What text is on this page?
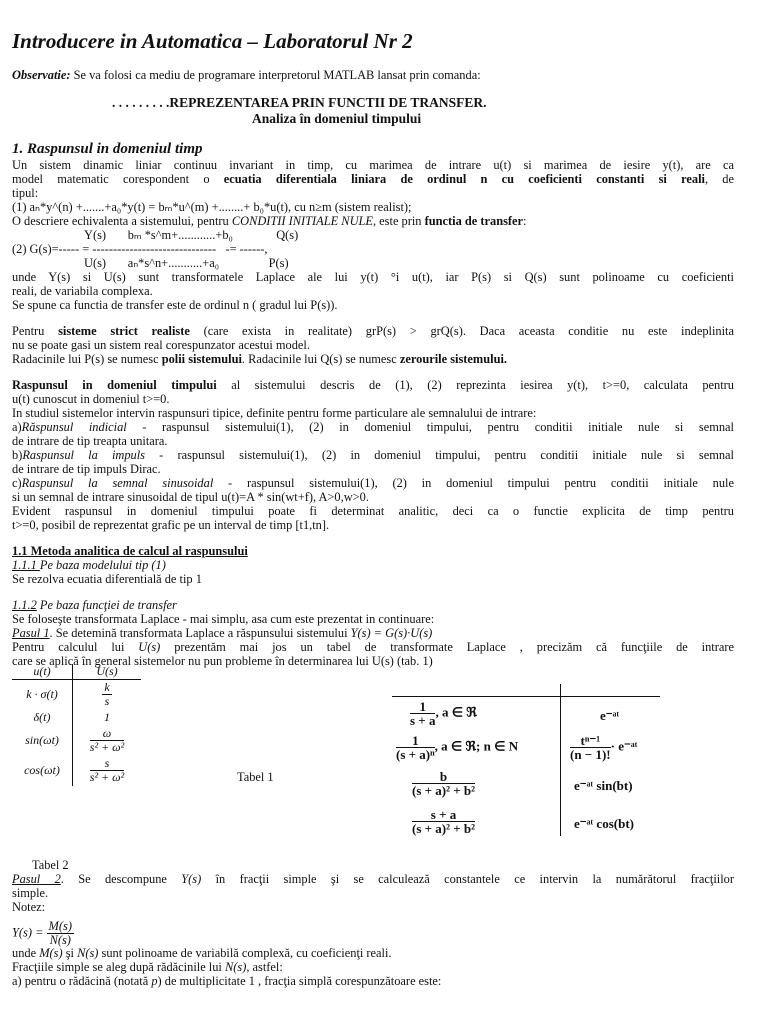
Introducere in Automatica – Laboratorul Nr 2
Observatie: Se va folosi ca mediu de programare interpretorul MATLAB lansat prin comanda:
. . . . . . . . .REPREZENTAREA PRIN FUNCTII DE TRANSFER.
Analiza în domeniul timpului
1. Raspunsul in domeniul timp
Un sistem dinamic liniar continuu invariant in timp, cu marimea de intrare u(t) si marimea de iesire y(t), are ca
model matematic corespondent o ecuatia diferentiala liniara de ordinul n cu coeficienti constanti si reali, de
tipul:
(1) aₙ*y^(n) +.......+a₀*y(t) = bₘ*u^(m) +........+ b₀*u(t), cu n≥m (sistem realist);
O descriere echivalenta a sistemului, pentru CONDITII INITIALE NULE, este prin functia de transfer:
Y(s)       bₘ *s^m+............+b₀              Q(s)
(2) G(s)=----- = ------------------------------   -= ------,
U(s)       aₙ*s^n+...........+a₀                P(s)
unde Y(s) si U(s) sunt transformatele Laplace ale lui y(t) °i u(t), iar P(s) si Q(s) sunt polinoame cu coeficienti
reali, de variabila complexa.
Se spune ca functia de transfer este de ordinul n ( gradul lui P(s)).
Pentru sisteme strict realiste (care exista in realitate) grP(s) > grQ(s). Daca aceasta conditie nu este indeplinita
nu se poate gasi un sistem real corespunzator acestui model.
Radacinile lui P(s) se numesc polii sistemului. Radacinile lui Q(s) se numesc zerourile sistemului.
Raspunsul in domeniul timpului al sistemului descris de (1), (2) reprezinta iesirea y(t), t>=0, calculata pentru
u(t) cunoscut in domeniul t>=0.
In studiul sistemelor intervin raspunsuri tipice, definite pentru forme particulare ale semnalului de intrare:
a)Răspunsul indicial - raspunsul sistemului(1), (2) in domeniul timpului, pentru conditii initiale nule si semnal
de intrare de tip treapta unitara.
b)Raspunsul la impuls - raspunsul sistemului(1), (2) in domeniul timpului, pentru conditii initiale nule si semnal
de intrare de tip impuls Dirac.
c)Raspunsul la semnal sinusoidal - raspunsul sistemului(1), (2) in domeniul timpului pentru conditii initiale nule
si un semnal de intrare sinusoidal de tipul u(t)=A * sin(wt+f), A>0,w>0.
Evident raspunsul in domeniul timpului poate fi determinat analitic, deci ca o functie explicita de timp pentru
t>=0, posibil de reprezentat grafic pe un interval de timp [t1,tn].
1.1 Metoda analitica de calcul al raspunsului
1.1.1 Pe baza modelului tip (1)
Se rezolva ecuatia diferentială de tip 1
1.1.2 Pe baza funcţiei de transfer
Se foloseşte transformata Laplace - mai simplu, asa cum este prezentat in continuare:
Pasul 1. Se detemină transformata Laplace a răspunsului sistemului Y(s) = G(s)·U(s)
Pentru calculul lui U(s) prezentăm mai jos un tabel de transformate Laplace , precizăm că funcţiile de intrare
care se aplică în general sistemelor nu pun probleme în determinarea lui U(s) (tab. 1)
u(t)	U(s)
k · σ(t)	$\frac{k}{s}$

δ(t)	1
sin(ωt)	$\frac{\omega}{\text{s² + ω²}}$

cos(ωt)	$\frac{s}{\text{s² + ω²}}$	Tabel 1
$\frac{1}{s + a}$ , a ∈ ℜ	e⁻ᵃᵗ
$\frac{1}{\text{(s + a)ⁿ}}$ , a ∈ ℜ; n ∈ N	$\frac{\text{tⁿ⁻¹}}{(n - 1)!}$ · e⁻ᵃᵗ
$\frac{b}{\text{(s + a)² + b²}}$	e⁻ᵃᵗ sin(bt)
$\frac{s + a}{\text{(s + a)² + b²}}$	e⁻ᵃᵗ cos(bt)
Tabel 2
Pasul 2. Se descompune Y(s) în fracţii simple şi se calculează constantele ce intervin la numărătorul fracţiilor
simple.
Notez:
$Y(s) = \frac{M(s)}{N(s)}$
unde M(s) şi N(s) sunt polinoame de variabilă complexă, cu coeficienţi reali.
Fracţiile simple se aleg după rădăcinile lui N(s), astfel:
a) pentru o rădăcină (notată p) de multiplicitate 1 , fracţia simplă corespunzătoare este:
